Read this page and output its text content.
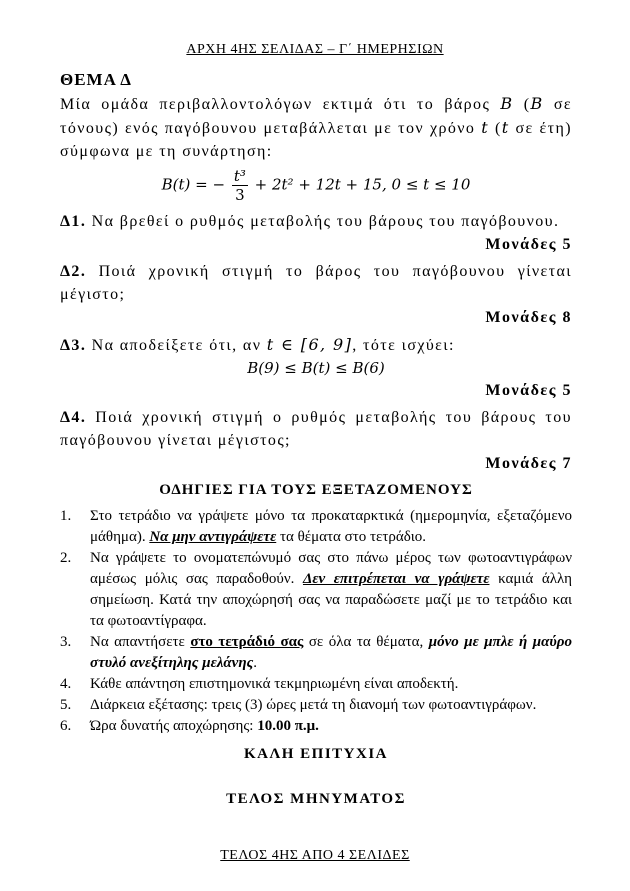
ΑΡΧΗ 4ΗΣ ΣΕΛΙΔΑΣ – Γ΄ ΗΜΕΡΗΣΙΩΝ
ΘΕΜΑ Δ
Μία ομάδα περιβαλλοντολόγων εκτιμά ότι το βάρος B (B σε τόνους) ενός παγόβουνου μεταβάλλεται με τον χρόνο t (t σε έτη) σύμφωνα με τη συνάρτηση:
B(t) = − $\frac{\text{t³}}{3} + 2t^2 + 12t + 15$, 0 ≤ t ≤ 10
Δ1. Να βρεθεί ο ρυθμός μεταβολής του βάρους του παγόβουνου.
Μονάδες 5
Δ2. Ποιά χρονική στιγμή το βάρος του παγόβουνου γίνεται μέγιστο;
Μονάδες 8
Δ3. Να αποδείξετε ότι, αν t ∈ [6, 9], τότε ισχύει:
B(9) ≤ B(t) ≤ B(6)
Μονάδες 5
Δ4. Ποιά χρονική στιγμή ο ρυθμός μεταβολής του βάρους του παγόβουνου γίνεται μέγιστος;
Μονάδες 7
ΟΔΗΓΙΕΣ ΓΙΑ ΤΟΥΣ ΕΞΕΤΑΖΟΜΕΝΟΥΣ
1. Στο τετράδιο να γράψετε μόνο τα προκαταρκτικά (ημερομηνία, εξεταζόμενο μάθημα). Να μην αντιγράψετε τα θέματα στο τετράδιο.
2. Να γράψετε το ονοματεπώνυμό σας στο πάνω μέρος των φωτοαντιγράφων αμέσως μόλις σας παραδοθούν. Δεν επιτρέπεται να γράψετε καμιά άλλη σημείωση. Κατά την αποχώρησή σας να παραδώσετε μαζί με το τετράδιο και τα φωτοαντίγραφα.
3. Να απαντήσετε στο τετράδιό σας σε όλα τα θέματα, μόνο με μπλε ή μαύρο στυλό ανεξίτηλης μελάνης.
4. Κάθε απάντηση επιστημονικά τεκμηριωμένη είναι αποδεκτή.
5. Διάρκεια εξέτασης: τρεις (3) ώρες μετά τη διανομή των φωτοαντιγράφων.
6. Ώρα δυνατής αποχώρησης: 10.00 π.μ.
ΚΑΛΗ ΕΠΙΤΥΧΙΑ
ΤΕΛΟΣ ΜΗΝΥΜΑΤΟΣ
ΤΕΛΟΣ 4ΗΣ ΑΠΟ 4 ΣΕΛΙΔΕΣ
